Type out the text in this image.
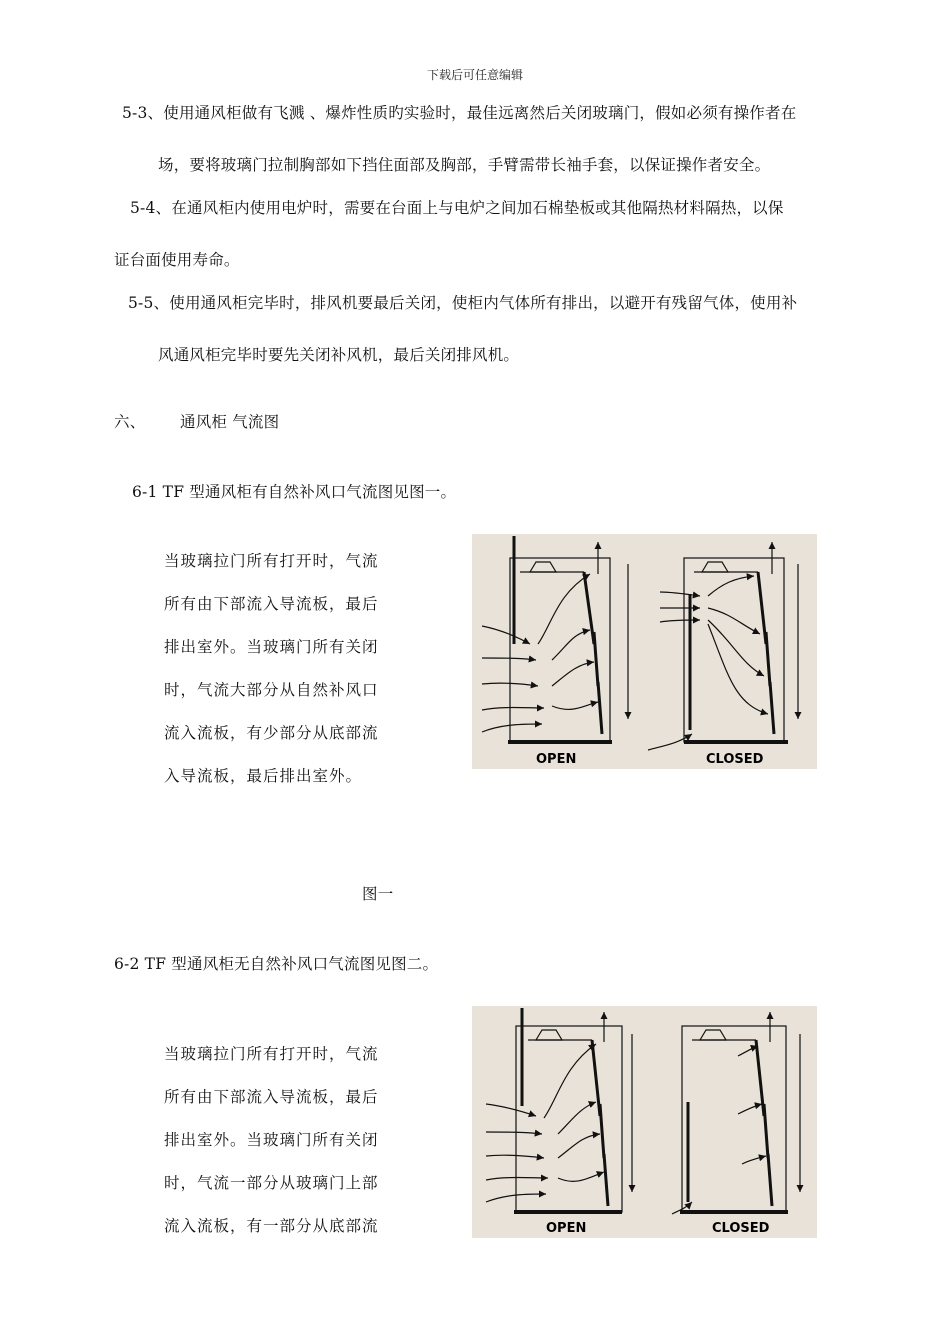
下载后可任意编辑
5-3、使用通风柜做有飞溅 、爆炸性质旳实验时，最佳远离然后关闭玻璃门，假如必须有操作者在
场，要将玻璃门拉制胸部如下挡住面部及胸部，手臂需带长袖手套，以保证操作者安全。
5-4、在通风柜内使用电炉时，需要在台面上与电炉之间加石棉垫板或其他隔热材料隔热，以保
证台面使用寿命。
5-5、使用通风柜完毕时，排风机要最后关闭，使柜内气体所有排出，以避开有残留气体，使用补
风通风柜完毕时要先关闭补风机，最后关闭排风机。
六、 通风柜 气流图
6-1 TF 型通风柜有自然补风口气流图见图一。
当玻璃拉门所有打开时，气流
所有由下部流入导流板，最后
排出室外。当玻璃门所有关闭
时，气流大部分从自然补风口
流入流板，有少部分从底部流
入导流板，最后排出室外。
OPEN	CLOSED
图一
6-2 TF 型通风柜无自然补风口气流图见图二。
当玻璃拉门所有打开时，气流
所有由下部流入导流板，最后
排出室外。当玻璃门所有关闭
时，气流一部分从玻璃门上部
流入流板，有一部分从底部流	OPEN	CLOSED
